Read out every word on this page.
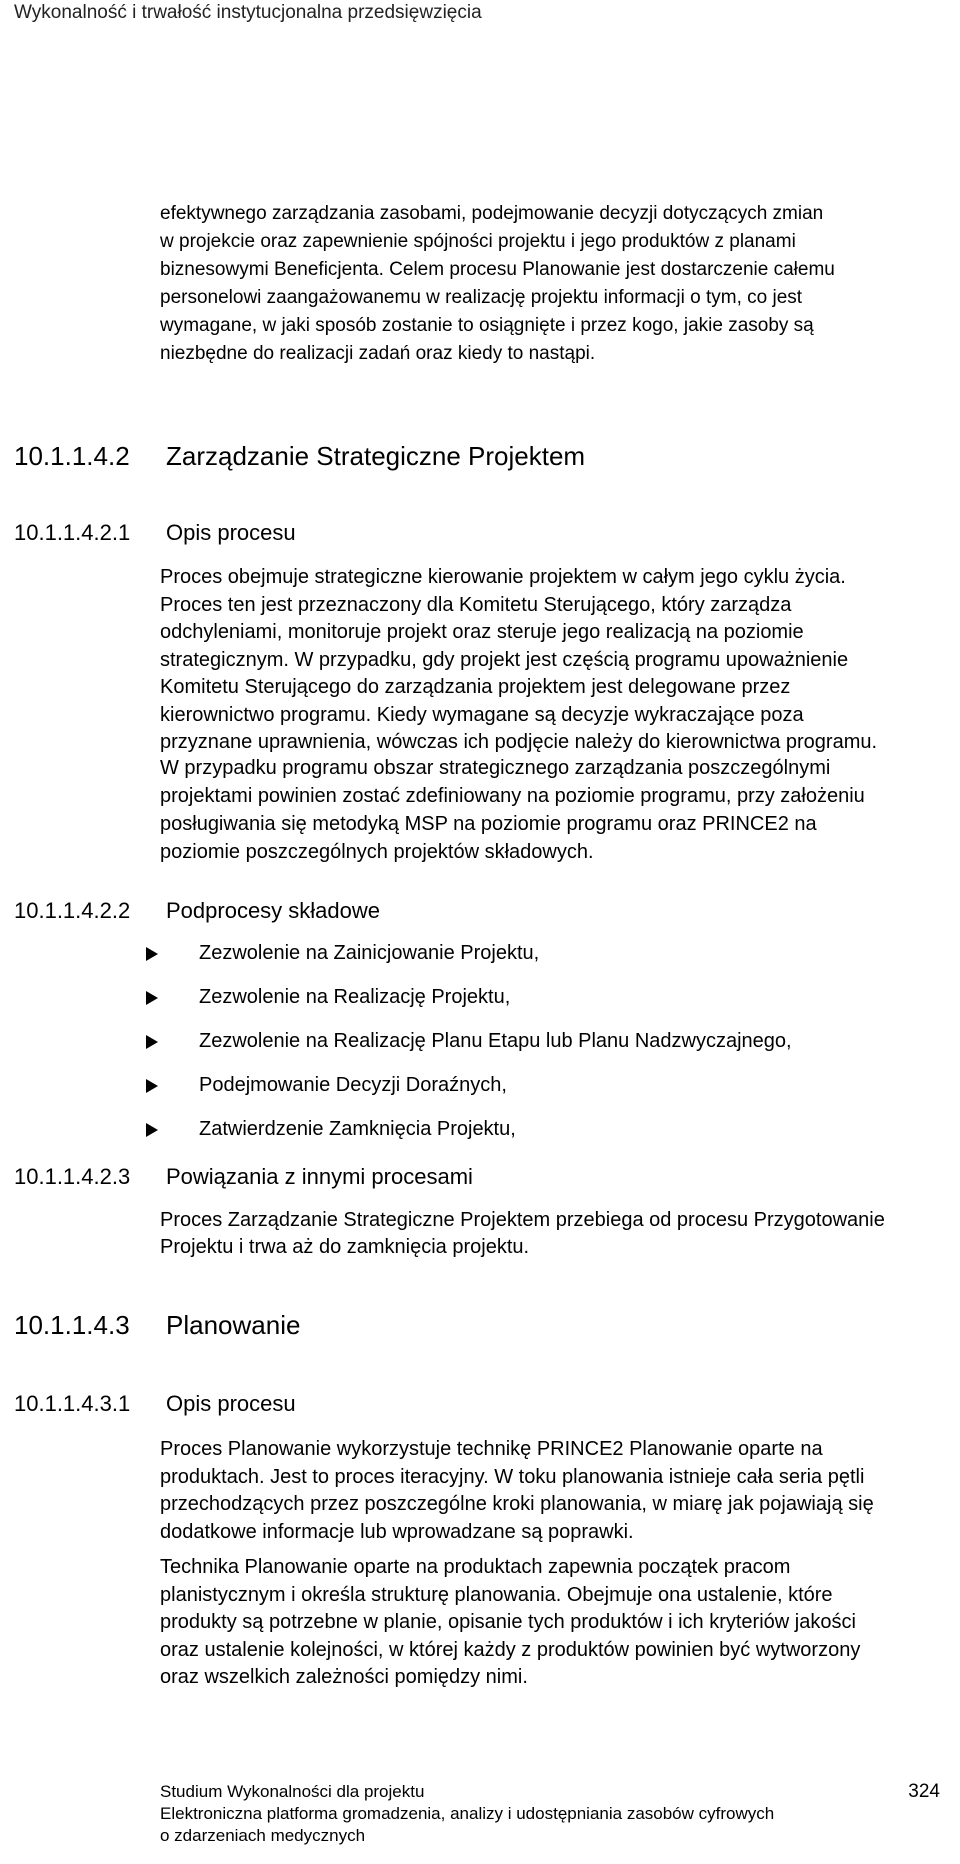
Wykonalność i trwałość instytucjonalna przedsięwzięcia
efektywnego zarządzania zasobami, podejmowanie decyzji dotyczących zmian
w projekcie oraz zapewnienie spójności projektu i jego produktów z planami
biznesowymi Beneficjenta. Celem procesu Planowanie jest dostarczenie całemu
personelowi zaangażowanemu w realizację projektu informacji o tym, co jest
wymagane, w jaki sposób zostanie to osiągnięte i przez kogo, jakie zasoby są
niezbędne do realizacji zadań oraz kiedy to nastąpi.
10.1.1.4.2 Zarządzanie Strategiczne Projektem
10.1.1.4.2.1 Opis procesu
Proces obejmuje strategiczne kierowanie projektem w całym jego cyklu życia.
Proces ten jest przeznaczony dla Komitetu Sterującego, który zarządza
odchyleniami, monitoruje projekt oraz steruje jego realizacją na poziomie
strategicznym. W przypadku, gdy projekt jest częścią programu upoważnienie
Komitetu Sterującego do zarządzania projektem jest delegowane przez
kierownictwo programu. Kiedy wymagane są decyzje wykraczające poza
przyznane uprawnienia, wówczas ich podjęcie należy do kierownictwa programu.
W przypadku programu obszar strategicznego zarządzania poszczególnymi
projektami powinien zostać zdefiniowany na poziomie programu, przy założeniu
posługiwania się metodyką MSP na poziomie programu oraz PRINCE2 na
poziomie poszczególnych projektów składowych.
10.1.1.4.2.2 Podprocesy składowe
Zezwolenie na Zainicjowanie Projektu,
Zezwolenie na Realizację Projektu,
Zezwolenie na Realizację Planu Etapu lub Planu Nadzwyczajnego,
Podejmowanie Decyzji Doraźnych,
Zatwierdzenie Zamknięcia Projektu,
10.1.1.4.2.3 Powiązania z innymi procesami
Proces Zarządzanie Strategiczne Projektem przebiega od procesu Przygotowanie
Projektu i trwa aż do zamknięcia projektu.
10.1.1.4.3 Planowanie
10.1.1.4.3.1 Opis procesu
Proces Planowanie wykorzystuje technikę PRINCE2 Planowanie oparte na
produktach. Jest to proces iteracyjny. W toku planowania istnieje cała seria pętli
przechodzących przez poszczególne kroki planowania, w miarę jak pojawiają się
dodatkowe informacje lub wprowadzane są poprawki.
Technika Planowanie oparte na produktach zapewnia początek pracom
planistycznym i określa strukturę planowania. Obejmuje ona ustalenie, które
produkty są potrzebne w planie, opisanie tych produktów i ich kryteriów jakości
oraz ustalenie kolejności, w której każdy z produktów powinien być wytworzony
oraz wszelkich zależności pomiędzy nimi.
Studium Wykonalności dla projektu
Elektroniczna platforma gromadzenia, analizy i udostępniania zasobów cyfrowych
o zdarzeniach medycznych
324
